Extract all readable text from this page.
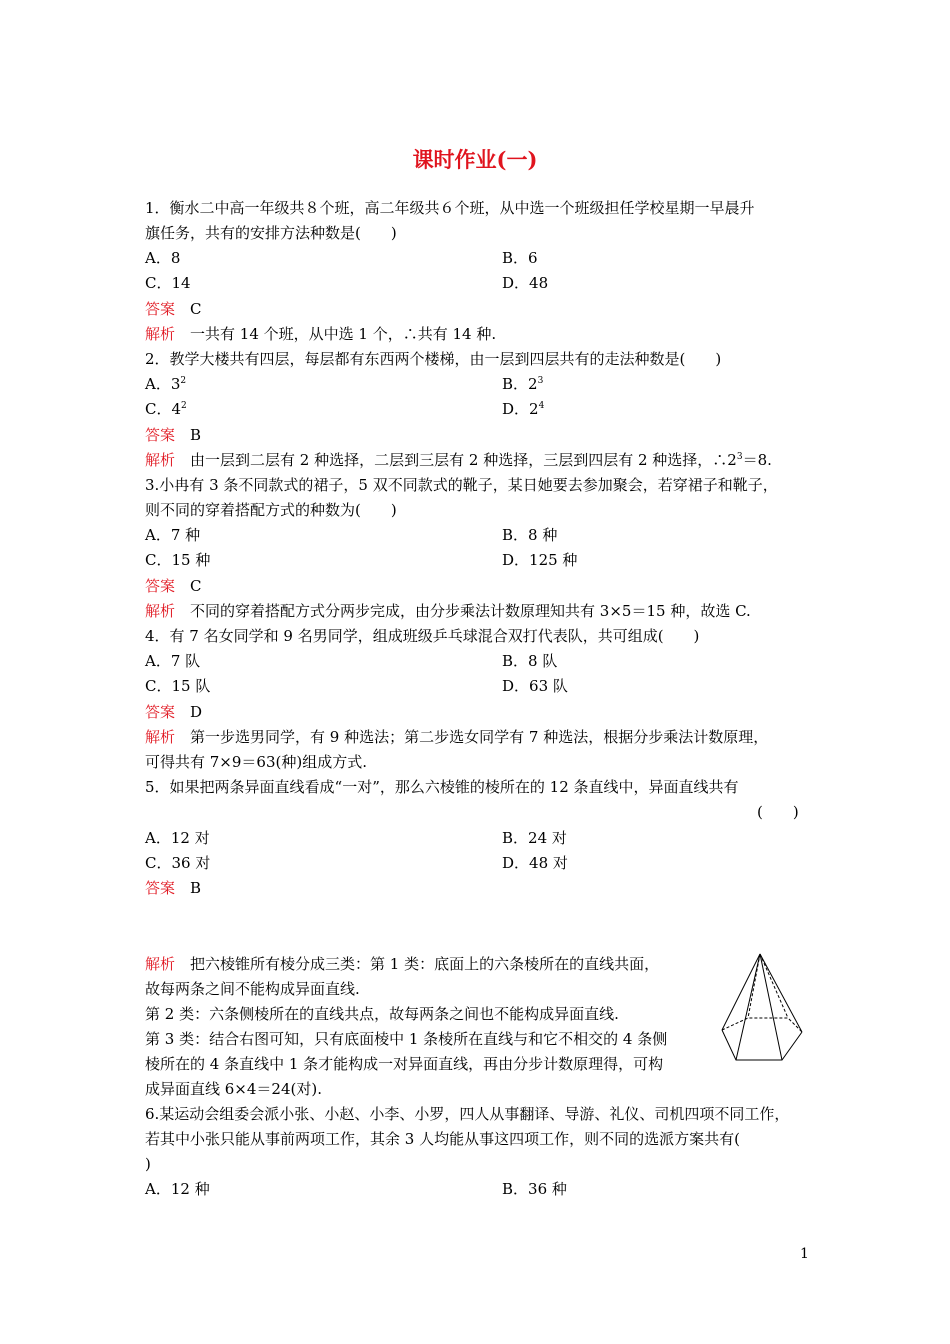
课时作业(一)
1．衡水二中高一年级共８个班，高二年级共６个班，从中选一个班级担任学校星期一早晨升
旗任务，共有的安排方法种数是(　　)
A．8	B．6
C．14	D．48
答案　 C
解析　 一共有 14 个班，从中选 1 个，∴共有 14 种.
2．教学大楼共有四层，每层都有东西两个楼梯，由一层到四层共有的走法种数是(　　)
A．$3^2$	B．$2^3$
C．$4^2$	D．$2^4$
答案　 B
解析　 由一层到二层有 2 种选择，二层到三层有 2 种选择，三层到四层有 2 种选择，$\therefore 2^3=8$.
3.小冉有 3 条不同款式的裙子，5 双不同款式的靴子，某日她要去参加聚会，若穿裙子和靴子，
则不同的穿着搭配方式的种数为(　　)
A．7 种	B．8 种
C．15 种	D．125 种
答案　 C
解析　 不同的穿着搭配方式分两步完成，由分步乘法计数原理知共有 3×5＝15 种，故选 C.
4．有 7 名女同学和 9 名男同学，组成班级乒乓球混合双打代表队，共可组成(　　)
A．7 队	B．8 队
C．15 队	D．63 队
答案　 D
解析　 第一步选男同学，有 9 种选法；第二步选女同学有 7 种选法，根据分步乘法计数原理，
可得共有 7×9＝63(种)组成方式.
5．如果把两条异面直线看成“一对”，那么六棱锥的棱所在的 12 条直线中，异面直线共有
(　　)
A．12 对	B．24 对
C．36 对	D．48 对
答案　 B
解析　 把六棱锥所有棱分成三类：第 1 类：底面上的六条棱所在的直线共面，
故每两条之间不能构成异面直线.
第 2 类：六条侧棱所在的直线共点，故每两条之间也不能构成异面直线.
第 3 类：结合右图可知，只有底面棱中 1 条棱所在直线与和它不相交的 4 条侧
棱所在的 4 条直线中 1 条才能构成一对异面直线，再由分步计数原理得，可构
成异面直线 6×4＝24(对).
6.某运动会组委会派小张、小赵、小李、小罗，四人从事翻译、导游、礼仪、司机四项不同工作，
若其中小张只能从事前两项工作，其余 3 人均能从事这四项工作，则不同的选派方案共有(
)
A．12 种	B．36 种
1
